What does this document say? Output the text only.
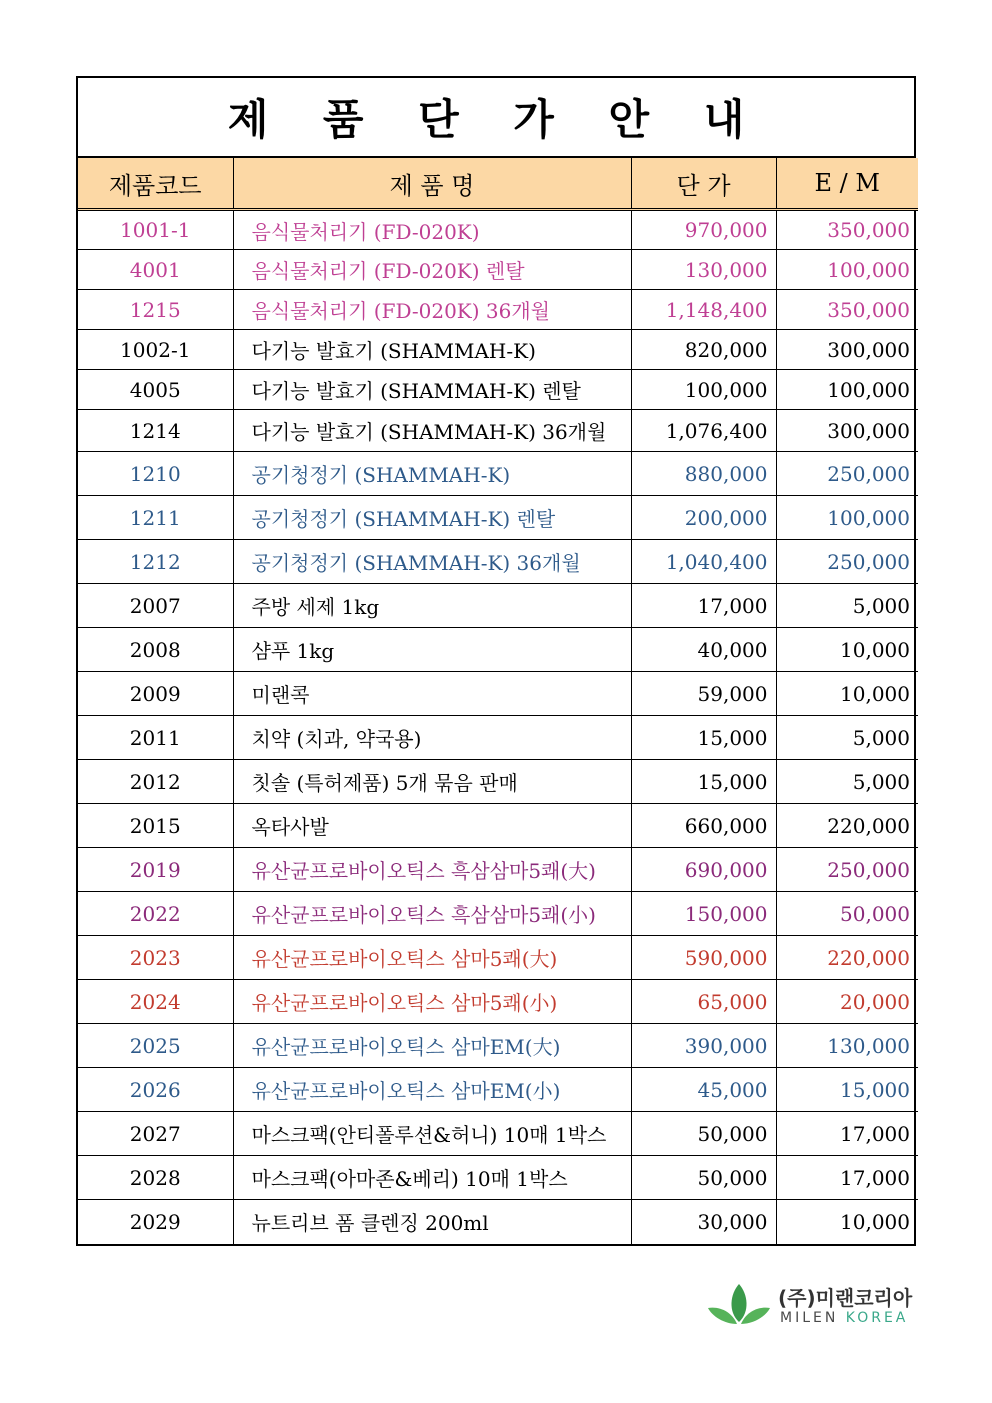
제 품 단 가 안 내
제품코드	제 품 명	단 가	E / M
1001-1	음식물처리기 (FD-020K)	970,000	350,000
4001	음식물처리기 (FD-020K) 렌탈	130,000	100,000
1215	음식물처리기 (FD-020K) 36개월	1,148,400	350,000
1002-1	다기능 발효기 (SHAMMAH-K)	820,000	300,000
4005	다기능 발효기 (SHAMMAH-K) 렌탈	100,000	100,000
1214	다기능 발효기 (SHAMMAH-K) 36개월	1,076,400	300,000
1210	공기청정기 (SHAMMAH-K)	880,000	250,000
1211	공기청정기 (SHAMMAH-K) 렌탈	200,000	100,000
1212	공기청정기 (SHAMMAH-K) 36개월	1,040,400	250,000
2007	주방 세제 1kg	17,000	5,000
2008	샴푸 1kg	40,000	10,000
2009	미랜콕	59,000	10,000
2011	치약 (치과, 약국용)	15,000	5,000
2012	칫솔 (특허제품) 5개 묶음 판매	15,000	5,000
2015	옥타사발	660,000	220,000
2019	유산균프로바이오틱스 흑삼삼마5쾌(大)	690,000	250,000
2022	유산균프로바이오틱스 흑삼삼마5쾌(小)	150,000	50,000
2023	유산균프로바이오틱스 삼마5쾌(大)	590,000	220,000
2024	유산균프로바이오틱스 삼마5쾌(小)	65,000	20,000
2025	유산균프로바이오틱스 삼마EM(大)	390,000	130,000
2026	유산균프로바이오틱스 삼마EM(小)	45,000	15,000
2027	마스크팩(안티폴루션&허니) 10매 1박스	50,000	17,000
2028	마스크팩(아마존&베리) 10매 1박스	50,000	17,000
2029	뉴트리브 폼 클렌징 200ml	30,000	10,000
(주)미랜코리아
MILEN KOREA
